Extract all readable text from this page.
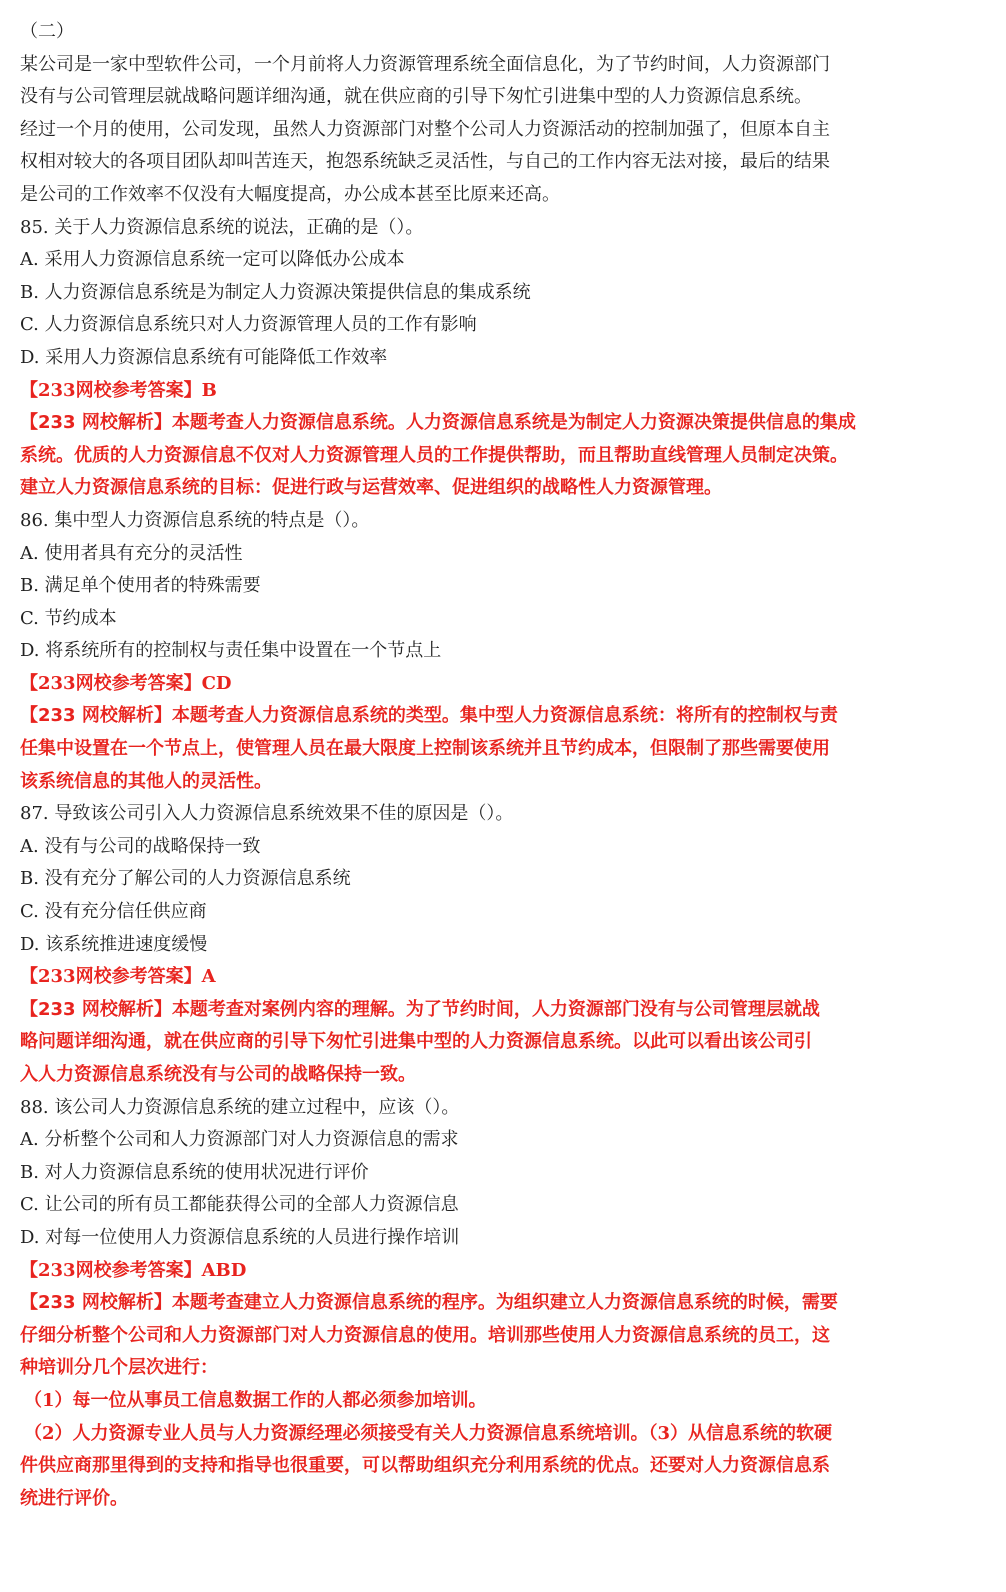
（二）
某公司是一家中型软件公司，一个月前将人力资源管理系统全面信息化，为了节约时间，人力资源部门
没有与公司管理层就战略问题详细沟通，就在供应商的引导下匆忙引进集中型的人力资源信息系统。
经过一个月的使用，公司发现，虽然人力资源部门对整个公司人力资源活动的控制加强了，但原本自主
权相对较大的各项目团队却叫苦连天，抱怨系统缺乏灵活性，与自己的工作内容无法对接，最后的结果
是公司的工作效率不仅没有大幅度提高，办公成本甚至比原来还高。
85. 关于人力资源信息系统的说法，正确的是（）。
A. 采用人力资源信息系统一定可以降低办公成本
B. 人力资源信息系统是为制定人力资源决策提供信息的集成系统
C. 人力资源信息系统只对人力资源管理人员的工作有影响
D. 采用人力资源信息系统有可能降低工作效率
【233网校参考答案】B
【233 网校解析】本题考查人力资源信息系统。人力资源信息系统是为制定人力资源决策提供信息的集成
系统。优质的人力资源信息不仅对人力资源管理人员的工作提供帮助，而且帮助直线管理人员制定决策。
建立人力资源信息系统的目标：促进行政与运营效率、促进组织的战略性人力资源管理。
86. 集中型人力资源信息系统的特点是（）。
A. 使用者具有充分的灵活性
B. 满足单个使用者的特殊需要
C. 节约成本
D. 将系统所有的控制权与责任集中设置在一个节点上
【233网校参考答案】CD
【233 网校解析】本题考查人力资源信息系统的类型。集中型人力资源信息系统：将所有的控制权与责
任集中设置在一个节点上，使管理人员在最大限度上控制该系统并且节约成本，但限制了那些需要使用
该系统信息的其他人的灵活性。
87. 导致该公司引入人力资源信息系统效果不佳的原因是（）。
A. 没有与公司的战略保持一致
B. 没有充分了解公司的人力资源信息系统
C. 没有充分信任供应商
D. 该系统推进速度缓慢
【233网校参考答案】A
【233 网校解析】本题考查对案例内容的理解。为了节约时间，人力资源部门没有与公司管理层就战
略问题详细沟通，就在供应商的引导下匆忙引进集中型的人力资源信息系统。以此可以看出该公司引
入人力资源信息系统没有与公司的战略保持一致。
88. 该公司人力资源信息系统的建立过程中，应该（）。
A. 分析整个公司和人力资源部门对人力资源信息的需求
B. 对人力资源信息系统的使用状况进行评价
C. 让公司的所有员工都能获得公司的全部人力资源信息
D. 对每一位使用人力资源信息系统的人员进行操作培训
【233网校参考答案】ABD
【233 网校解析】本题考查建立人力资源信息系统的程序。为组织建立人力资源信息系统的时候，需要
仔细分析整个公司和人力资源部门对人力资源信息的使用。培训那些使用人力资源信息系统的员工，这
种培训分几个层次进行：
（1）每一位从事员工信息数据工作的人都必须参加培训。
（2）人力资源专业人员与人力资源经理必须接受有关人力资源信息系统培训。（3）从信息系统的软硬
件供应商那里得到的支持和指导也很重要，可以帮助组织充分利用系统的优点。还要对人力资源信息系
统进行评价。
